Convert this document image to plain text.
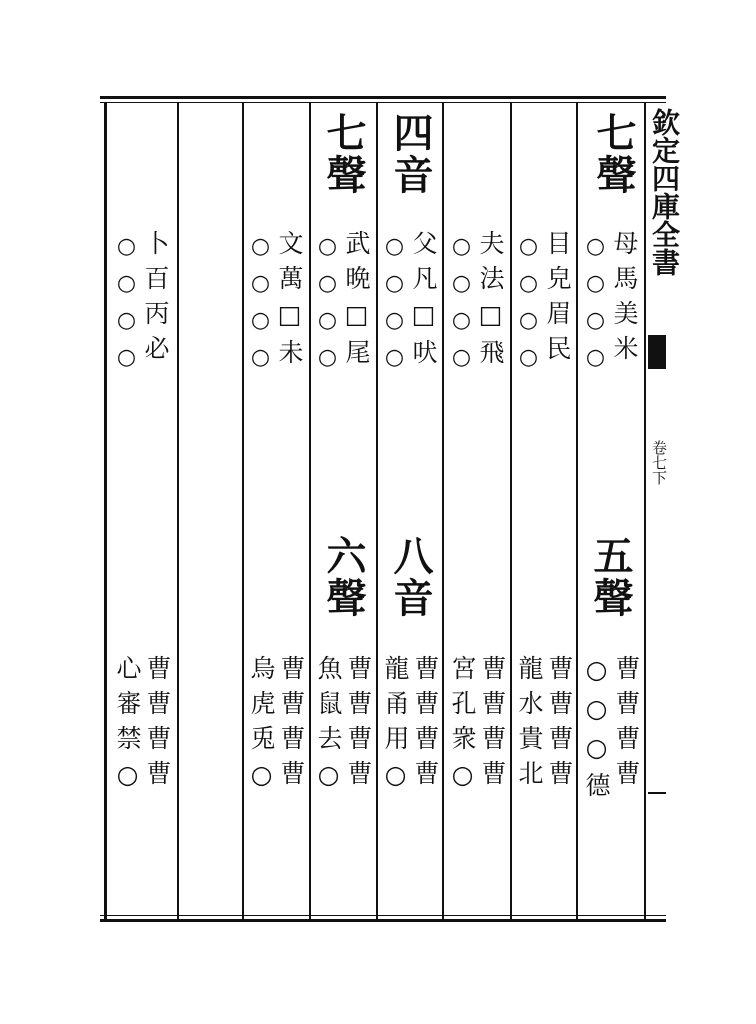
欽定四庫全書
卷七下
七聲
母馬美米
○○○○
五聲
曹曹曹曹
○○○德
目皃眉民
○○○○
曹曹曹曹
龍水貴北
夫法□飛
○○○○
曹曹曹曹
宮孔衆○
四音
父凡□吠
○○○○
八音
曹曹曹曹
龍甬用○
七聲
武晩□尾
○○○○
六聲
曹曹曹曹
魚鼠去○
文萬□未
○○○○
曹曹曹曹
烏虎兎○
卜百丙必
○○○○
曹曹曹曹
心審禁○
